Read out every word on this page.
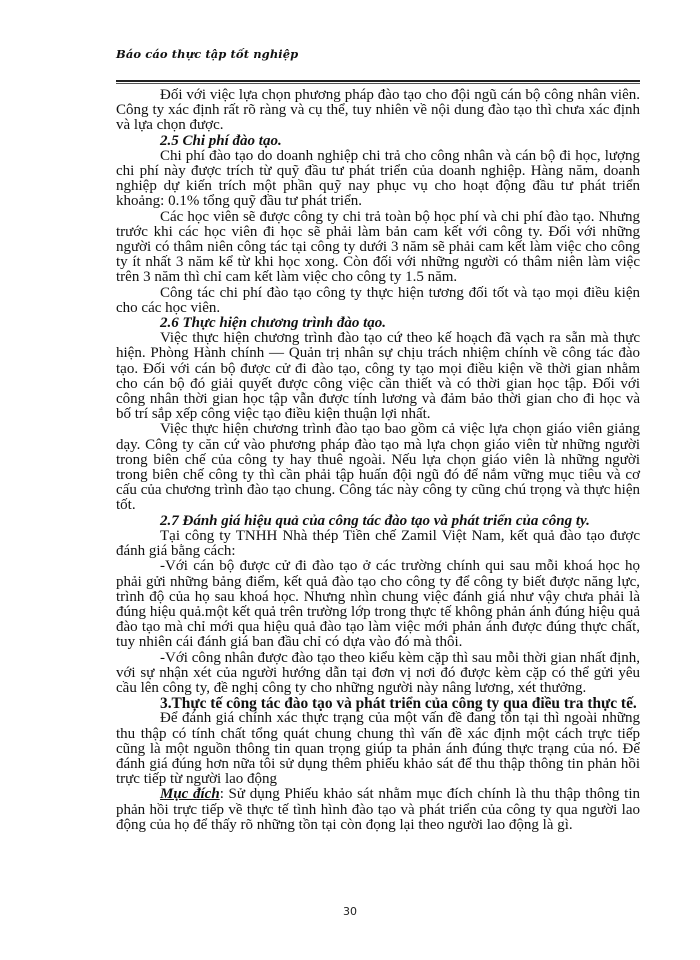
Báo cáo thực tập tốt nghiệp

Đối với việc lựa chọn phương pháp đào tạo cho đội ngũ cán bộ công nhân viên. Công ty xác định rất rõ ràng và cụ thể, tuy nhiên về nội dung đào tạo thì chưa xác định và lựa chọn được.

2.5 Chi phí đào tạo.

Chi phí đào tạo do doanh nghiệp chi trả cho công nhân và cán bộ đi học, lượng chi phí này được trích từ quỹ đầu tư phát triển của doanh nghiệp. Hàng năm, doanh nghiệp dự kiến trích một phần quỹ nay phục vụ cho hoạt động đầu tư phát triển khoảng: 0.1% tổng quỹ đầu tư phát triển.

Các học viên sẽ được công ty chi trả toàn bộ học phí và chi phí đào tạo. Nhưng trước khi các học viên đi học sẽ phải làm bản cam kết với công ty. Đối với những người có thâm niên công tác tại công ty dưới 3 năm sẽ phải cam kết làm việc cho công ty ít nhất 3 năm kể từ khi học xong. Còn đối với những người có thâm niên làm việc trên 3 năm thì chỉ cam kết làm việc cho công ty 1.5 năm.

Công tác chi phí đào tạo công ty thực hiện tương đối tốt và tạo mọi điều kiện cho các học viên.

2.6 Thực hiện chương trình đào tạo.

Việc thực hiện chương trình đào tạo cứ theo kế hoạch đã vạch ra sẵn mà thực hiện. Phòng Hành chính — Quản trị nhân sự chịu trách nhiệm chính về công tác đào tạo. Đối với cán bộ được cử đi đào tạo, công ty tạo mọi điều kiện về thời gian nhằm cho cán bộ đó giải quyết được công việc cần thiết và có thời gian học tập. Đối với công nhân thời gian học tập vẫn được tính lương và đảm bảo thời gian cho đi học và bố trí sắp xếp công việc tạo điều kiện thuận lợi nhất.

Việc thực hiện chương trình đào tạo bao gồm cả việc lựa chọn giáo viên giảng dạy. Công ty căn cứ vào phương pháp đào tạo mà lựa chọn giáo viên từ những người trong biên chế của công ty hay thuê ngoài. Nếu lựa chọn giáo viên là những người trong biên chế công ty thì cần phải tập huấn đội ngũ đó để nắm vững mục tiêu và cơ cấu của chương trình đào tạo chung. Công tác này công ty cũng chú trọng và thực hiện tốt.

2.7 Đánh giá hiệu quả của công tác đào tạo và phát triển của công ty.

Tại công ty TNHH Nhà thép Tiền chế Zamil Việt Nam, kết quả đào tạo được đánh giá bằng cách:

-Với cán bộ được cử đi đào tạo ở các trường chính qui sau mỗi khoá học họ phải gửi những bảng điểm, kết quả đào tạo cho công ty để công ty biết được năng lực, trình độ của họ sau khoá học. Nhưng nhìn chung việc đánh giá như vậy chưa phải là đúng hiệu quả.một kết quả trên trường lớp trong thực tế không phản ánh đúng hiệu quả đào tạo mà chỉ mới qua hiệu quả đào tạo làm việc mới phản ánh được đúng thực chất, tuy nhiên cái đánh giá ban đầu chỉ có dựa vào đó mà thôi.

-Với công nhân được đào tạo theo kiểu kèm cặp thì sau mỗi thời gian nhất định, với sự nhận xét của người hướng dẫn tại đơn vị nơi đó được kèm cặp có thể gửi yêu cầu lên công ty, đề nghị công ty cho những người này nâng lương, xét thưởng.

3.Thực tế công tác đào tạo và phát triển của công ty qua điều tra thực tế.

Để đánh giá chính xác thực trạng của một vấn đề đang tồn tại thì ngoài những thu thập có tính chất tổng quát chung chung thì vấn đề xác định một cách trực tiếp cũng là một nguồn thông tin quan trọng giúp ta phản ánh đúng thực trạng của nó. Để đánh giá đúng hơn nữa tôi sử dụng thêm phiếu khảo sát để thu thập thông tin phản hồi trực tiếp từ người lao động

Mục đích: Sử dụng Phiếu khảo sát nhằm mục đích chính là thu thập thông tin phản hồi trực tiếp về thực tế tình hình đào tạo và phát triển của công ty qua người lao động của họ để thấy rõ những tồn tại còn đọng lại theo người lao động là gì.

30
